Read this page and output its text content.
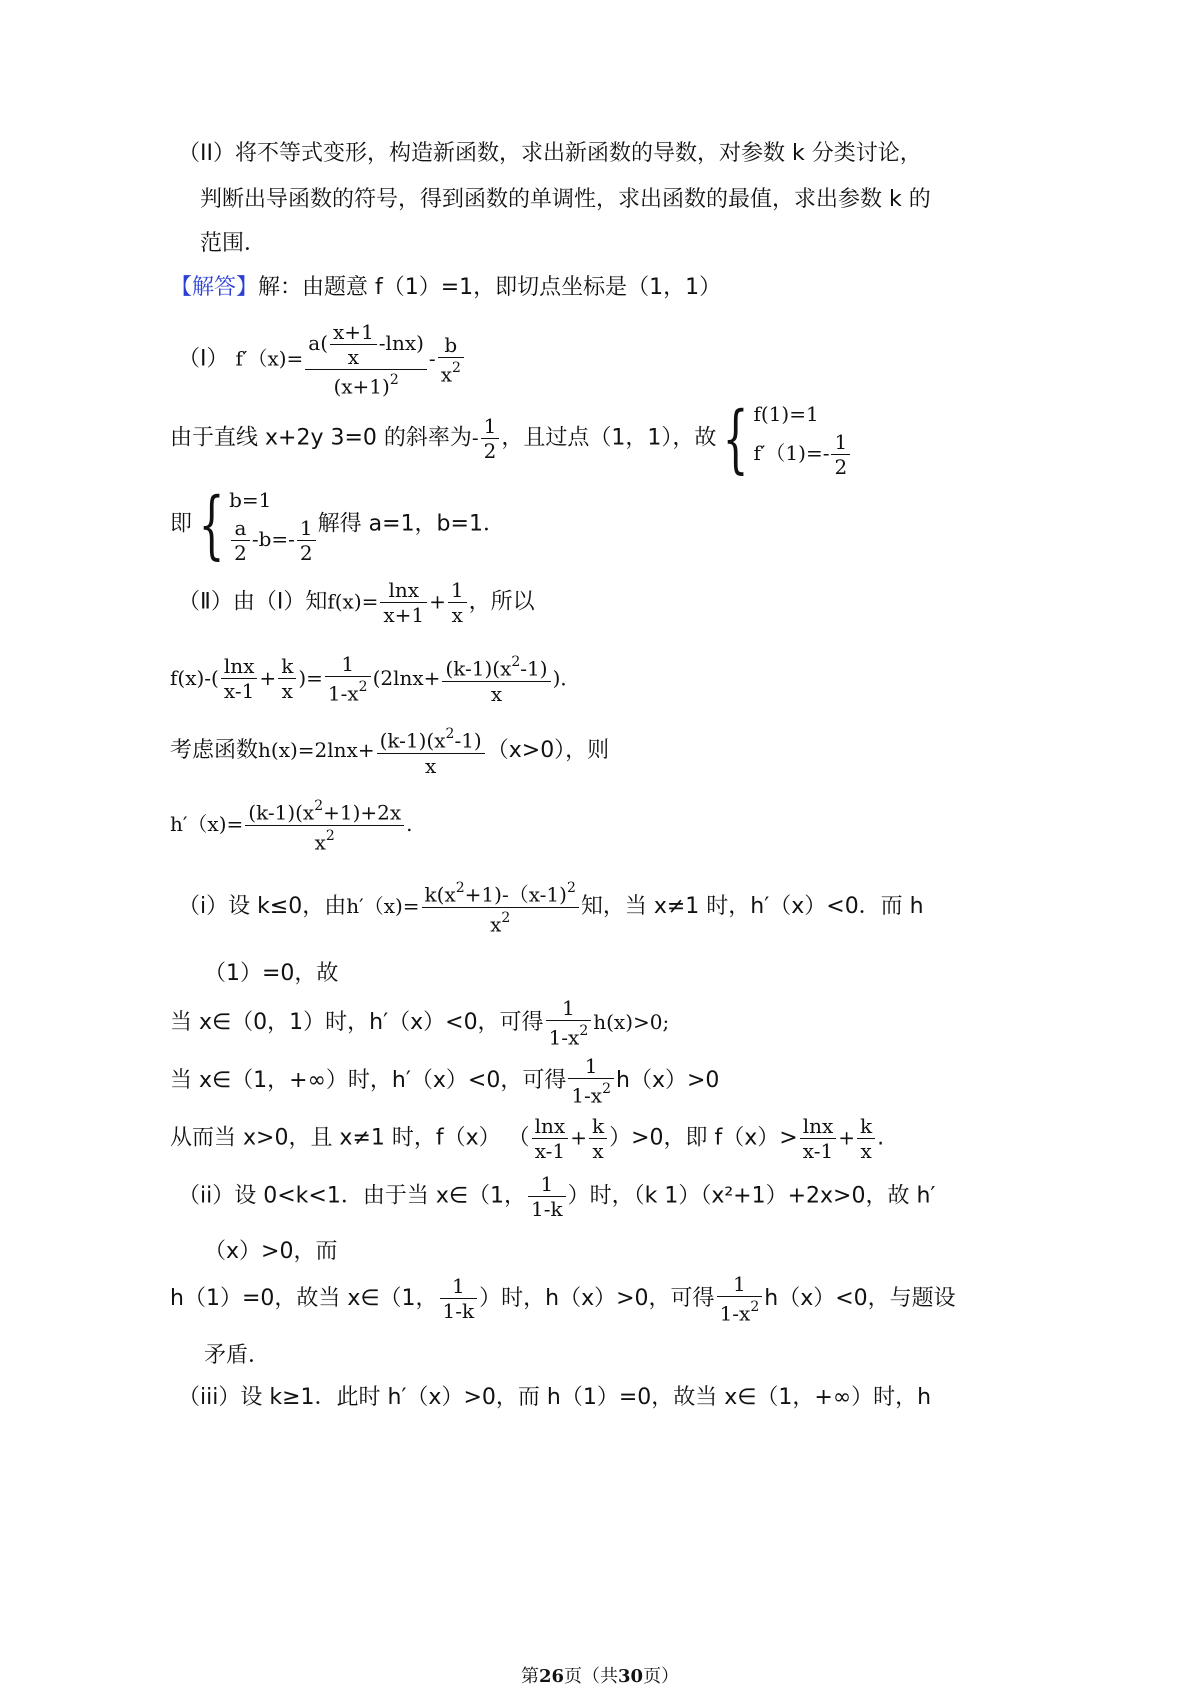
（II）将不等式变形，构造新函数，求出新函数的导数，对参数 k 分类讨论，
判断出导函数的符号，得到函数的单调性，求出函数的最值，求出参数 k 的
范围．
【解答】解：由题意 f（1）=1，即切点坐标是（1，1）
（Ⅰ） $f'(x)= \frac{a( \frac{x+1}{x} -\ln x)}{(x+1)^2} - \frac{b}{x^2}$
由于直线 x+2y 3=0 的斜率为- $\frac{1}{2}$ ，且过点（1，1），故{ f(1)=1
$f'(1)=- \frac{1}{2}$
即{ b=1
$\frac{a}{2} -b=- \frac{1}{2}$ 解得 a=1，b=1．
（Ⅱ）由（Ⅰ）知$f(x)= \frac{\ln x}{x+1} + \frac{1}{x}$ ，所以
$f(x)-( \frac{\ln x}{x-1} + \frac{k}{x}$ )= $\frac{1}{1-x^2} (2\ln x+ \frac{(k-1)(x^2-1)}{x}$ )．
考虑函数$h(x)=2\ln x+ \frac{(k-1)(x^2-1)}{x} (x>0)$，则
$h'(x)= \frac{(k-1)(x^2+1)+2x}{x^2}$ .
（i）设 k≤0，由$h'(x)= \frac{k(x^2+1)-(x-1)^2}{x^2}$ 知，当 x≠1 时，h′（x）<0．而 h
（1）=0，故
当 x∈（0，1）时，h′（x）<0，可得 $\frac{1}{1-x^2} h(x)>0$;
当 x∈（1，+∞）时，h′（x）<0，可得 $\frac{1}{1-x^2} h(x)>0$
从而当 x>0，且 x≠1 时，f（x） （ $\frac{\ln x}{x-1} + \frac{k}{x} )>0$，即 $f(x)> \frac{\ln x}{x-1} + \frac{k}{x}$ .
（ii）设 0<k<1．由于当 x∈（1， $\frac{1}{1-k}$ ）时，（k 1）（x²+1）+2x>0，故 h′
（x）>0，而
h（1）=0，故当 x∈（1， $\frac{1}{1-k}$ ）时，h（x）>0，可得 $\frac{1}{1-x^2} h(x)<0$，与题设
矛盾．
（iii）设 k≥1．此时 h′（x）>0，而 h（1）=0，故当 x∈（1，+∞）时，h
第26页（共30页）
